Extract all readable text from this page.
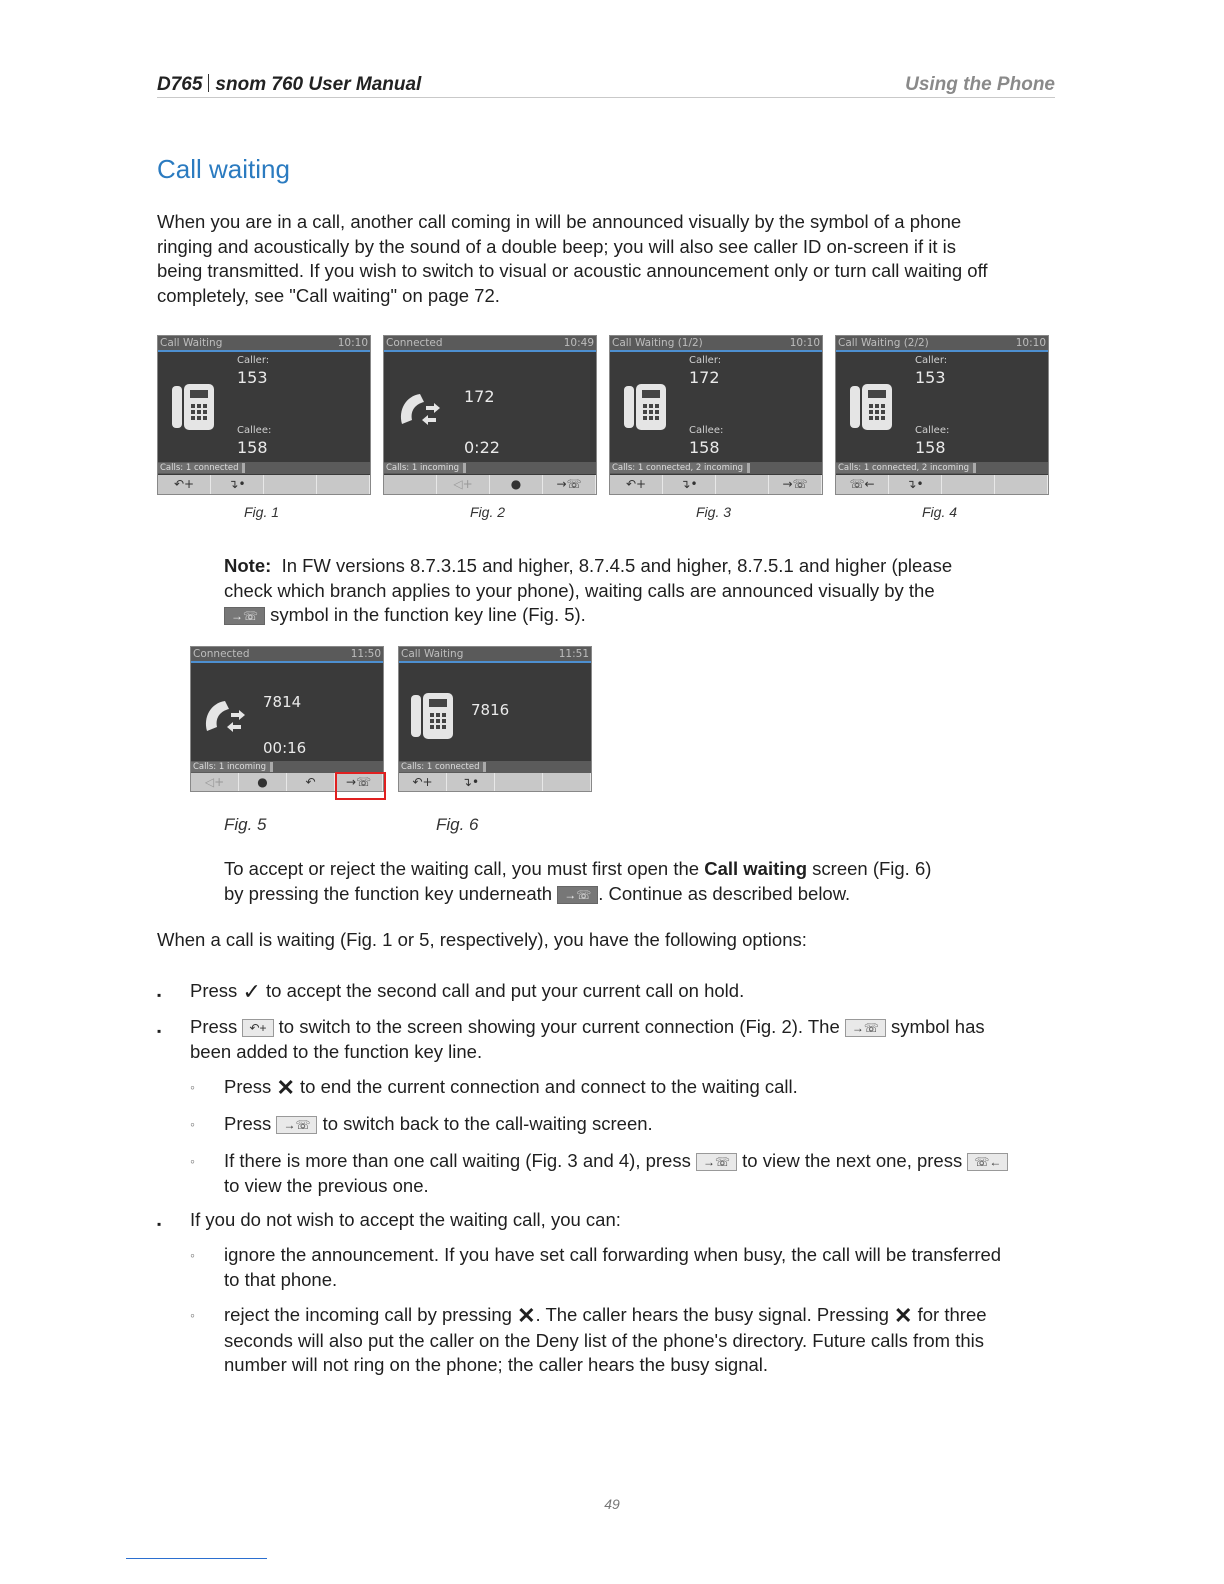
D765 snom 760 User Manual	Using the Phone
Call waiting
When you are in a call, another call coming in will be announced visually by the symbol of a phone
ringing and acoustically by the sound of a double beep; you will also see caller ID on-screen if it is
being transmitted. If you wish to switch to visual or acoustic announcement only or turn call waiting off
completely, see "Call waiting" on page 72.
Call Waiting	10:10
Caller:
153
Callee:
158
Calls: 1 connected
↶+	↴•
Fig. 1
Connected	10:49
172
0:22
Calls: 1 incoming
◁+	●	→☏
Fig. 2
Call Waiting (1/2)	10:10
Caller:
172
Callee:
158
Calls: 1 connected, 2 incoming
↶+	↴•	→☏
Fig. 3
Call Waiting (2/2)	10:10
Caller:
153
Callee:
158
Calls: 1 connected, 2 incoming
☏←	↴•
Fig. 4
Note: In FW versions 8.7.3.15 and higher, 8.7.4.5 and higher, 8.7.5.1 and higher (please
check which branch applies to your phone), waiting calls are announced visually by the
→☏ symbol in the function key line (Fig. 5).
Connected	11:50
7814
00:16
Calls: 1 incoming
◁+	●	↶	→☏
Fig. 5
Call Waiting	11:51
7816
Calls: 1 connected
↶+	↴•
Fig. 6
To accept or reject the waiting call, you must first open the Call waiting screen (Fig. 6)
by pressing the function key underneath →☏ . Continue as described below.
When a call is waiting (Fig. 1 or 5, respectively), you have the following options:
▪ Press ✓ to accept the second call and put your current call on hold.
▪ Press ↶+ to switch to the screen showing your current connection (Fig. 2). The →☏ symbol has
been added to the function key line.
◦ Press ✕ to end the current connection and connect to the waiting call.
◦ Press →☏ to switch back to the call-waiting screen.
◦ If there is more than one call waiting (Fig. 3 and 4), press →☏ to view the next one, press ☏←
to view the previous one.
▪ If you do not wish to accept the waiting call, you can:
◦ ignore the announcement. If you have set call forwarding when busy, the call will be transferred
to that phone.
◦ reject the incoming call by pressing ✕. The caller hears the busy signal. Pressing ✕ for three
seconds will also put the caller on the Deny list of the phone's directory. Future calls from this
number will not ring on the phone; the caller hears the busy signal.
49
